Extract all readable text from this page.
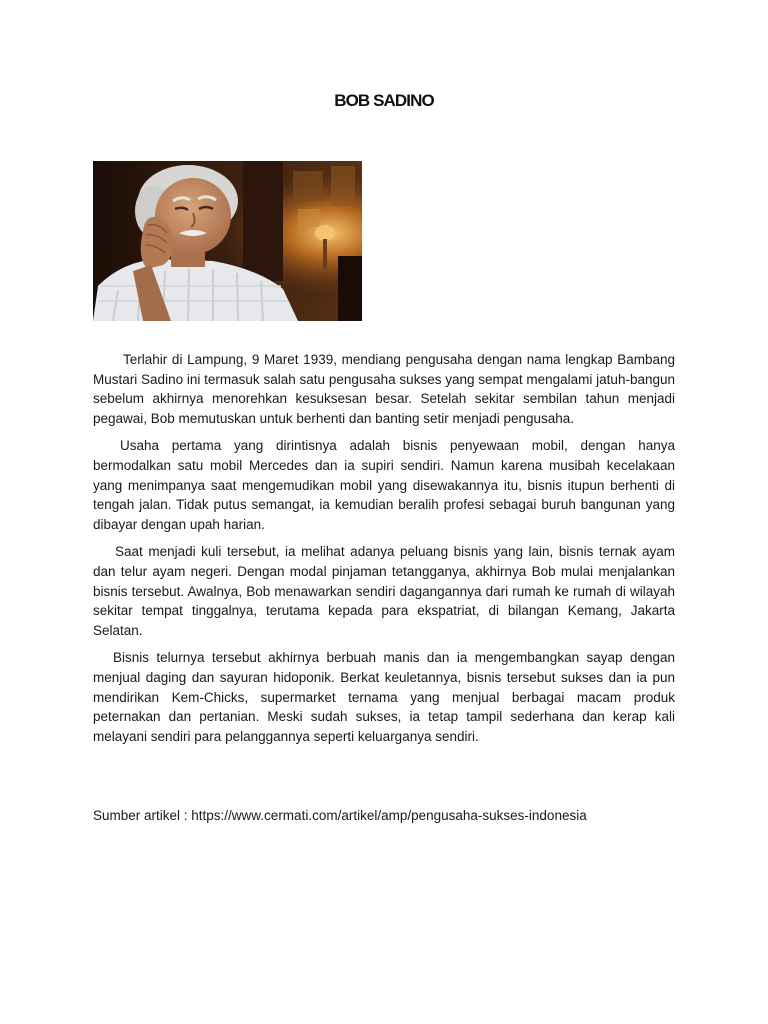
BOB SADINO

Terlahir di Lampung, 9 Maret 1939, mendiang pengusaha dengan nama lengkap Bambang Mustari Sadino ini termasuk salah satu pengusaha sukses yang sempat mengalami jatuh-bangun sebelum akhirnya menorehkan kesuksesan besar. Setelah sekitar sembilan tahun menjadi pegawai, Bob memutuskan untuk berhenti dan banting setir menjadi pengusaha.

Usaha pertama yang dirintisnya adalah bisnis penyewaan mobil, dengan hanya bermodalkan satu mobil Mercedes dan ia supiri sendiri. Namun karena musibah kecelakaan yang menimpanya saat mengemudikan mobil yang disewakannya itu, bisnis itupun berhenti di tengah jalan. Tidak putus semangat, ia kemudian beralih profesi sebagai buruh bangunan yang dibayar dengan upah harian.

Saat menjadi kuli tersebut, ia melihat adanya peluang bisnis yang lain, bisnis ternak ayam dan telur ayam negeri. Dengan modal pinjaman tetangganya, akhirnya Bob mulai menjalankan bisnis tersebut. Awalnya, Bob menawarkan sendiri dagangannya dari rumah ke rumah di wilayah sekitar tempat tinggalnya, terutama kepada para ekspatriat, di bilangan Kemang, Jakarta Selatan.

Bisnis telurnya tersebut akhirnya berbuah manis dan ia mengembangkan sayap dengan menjual daging dan sayuran hidoponik. Berkat keuletannya, bisnis tersebut sukses dan ia pun mendirikan Kem-Chicks, supermarket ternama yang menjual berbagai macam produk peternakan dan pertanian. Meski sudah sukses, ia tetap tampil sederhana dan kerap kali melayani sendiri para pelanggannya seperti keluarganya sendiri.

Sumber artikel : https://www.cermati.com/artikel/amp/pengusaha-sukses-indonesia
